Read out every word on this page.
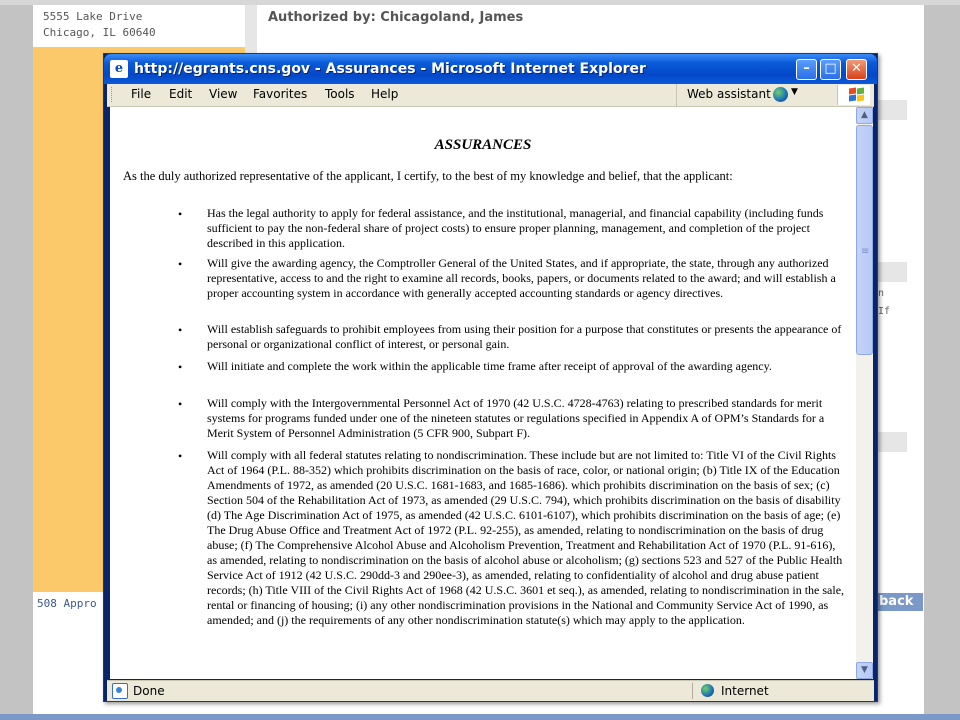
5555 Lake Drive
Chicago, IL 60640
Authorized by: Chicagoland, James
n
If
508 Appro	back
e http://egrants.cns.gov - Assurances - Microsoft Internet Explorer	–	□	✕
File Edit View Favorites Tools Help	Web assistant ▼
ASSURANCES
As the duly authorized representative of the applicant, I certify, to the best of my knowledge and belief, that the applicant:
• Has the legal authority to apply for federal assistance, and the institutional, managerial, and financial capability (including funds sufficient to pay the non-federal share of project costs) to ensure proper planning, management, and completion of the project described in this application.
• Will give the awarding agency, the Comptroller General of the United States, and if appropriate, the state, through any authorized representative, access to and the right to examine all records, books, papers, or documents related to the award; and will establish a proper accounting system in accordance with generally accepted accounting standards or agency directives.
• Will establish safeguards to prohibit employees from using their position for a purpose that constitutes or presents the appearance of personal or organizational conflict of interest, or personal gain.
• Will initiate and complete the work within the applicable time frame after receipt of approval of the awarding agency.
• Will comply with the Intergovernmental Personnel Act of 1970 (42 U.S.C. 4728-4763) relating to prescribed standards for merit systems for programs funded under one of the nineteen statutes or regulations specified in Appendix A of OPM’s Standards for a Merit System of Personnel Administration (5 CFR 900, Subpart F).
• Will comply with all federal statutes relating to nondiscrimination. These include but are not limited to: Title VI of the Civil Rights Act of 1964 (P.L. 88-352) which prohibits discrimination on the basis of race, color, or national origin; (b) Title IX of the Education Amendments of 1972, as amended (20 U.S.C. 1681-1683, and 1685-1686). which prohibits discrimination on the basis of sex; (c) Section 504 of the Rehabilitation Act of 1973, as amended (29 U.S.C. 794), which prohibits discrimination on the basis of disability (d) The Age Discrimination Act of 1975, as amended (42 U.S.C. 6101-6107), which prohibits discrimination on the basis of age; (e) The Drug Abuse Office and Treatment Act of 1972 (P.L. 92-255), as amended, relating to nondiscrimination on the basis of drug abuse; (f) The Comprehensive Alcohol Abuse and Alcoholism Prevention, Treatment and Rehabilitation Act of 1970 (P.L. 91-616), as amended, relating to nondiscrimination on the basis of alcohol abuse or alcoholism; (g) sections 523 and 527 of the Public Health Service Act of 1912 (42 U.S.C. 290dd-3 and 290ee-3), as amended, relating to confidentiality of alcohol and drug abuse patient records; (h) Title VIII of the Civil Rights Act of 1968 (42 U.S.C. 3601 et seq.), as amended, relating to nondiscrimination in the sale, rental or financing of housing; (i) any other nondiscrimination provisions in the National and Community Service Act of 1990, as amended; and (j) the requirements of any other nondiscrimination statute(s) which may apply to the application.
▲
≡
▼
Done	Internet
